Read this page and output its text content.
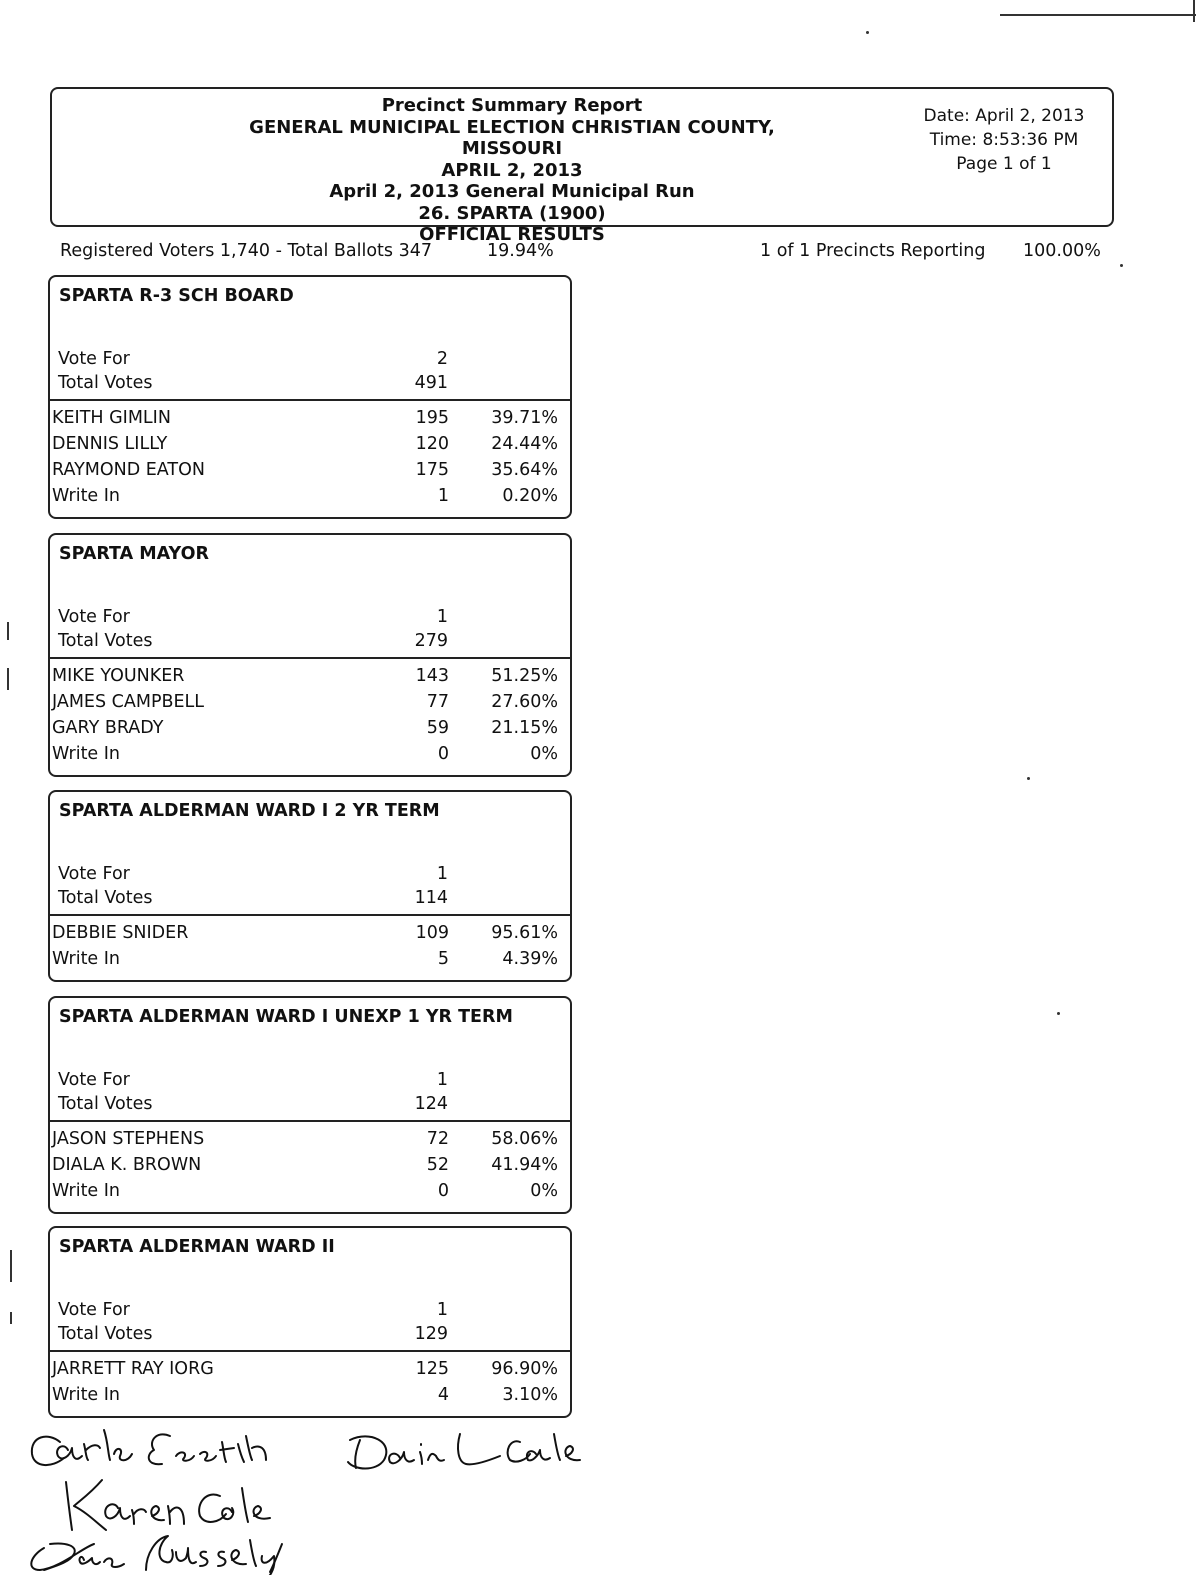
Precinct Summary Report
GENERAL MUNICIPAL ELECTION CHRISTIAN COUNTY, MISSOURI
APRIL 2, 2013
April 2, 2013 General Municipal Run
26. SPARTA (1900)
OFFICIAL RESULTS
Date: April 2, 2013
Time: 8:53:36 PM
Page 1 of 1
Registered Voters 1,740 - Total Ballots 347	19.94%	1 of 1 Precincts Reporting 100.00%
SPARTA R-3 SCH BOARD
Vote For	2
Total Votes	491
KEITH GIMLIN	195 39.71%
DENNIS LILLY	120 24.44%
RAYMOND EATON	175 35.64%
Write In	1	0.20%
SPARTA MAYOR
Vote For	1
Total Votes	279
MIKE YOUNKER	143 51.25%
JAMES CAMPBELL	77 27.60%
GARY BRADY	59 21.15%
Write In	0	0%
SPARTA ALDERMAN WARD I 2 YR TERM
Vote For	1
Total Votes	114
DEBBIE SNIDER	109 95.61%
Write In	5	4.39%
SPARTA ALDERMAN WARD I UNEXP 1 YR TERM
Vote For	1
Total Votes	124
JASON STEPHENS	72 58.06%
DIALA K. BROWN	52 41.94%
Write In	0	0%
SPARTA ALDERMAN WARD II
Vote For	1
Total Votes	129
JARRETT RAY IORG	125 96.90%
Write In	4	3.10%
